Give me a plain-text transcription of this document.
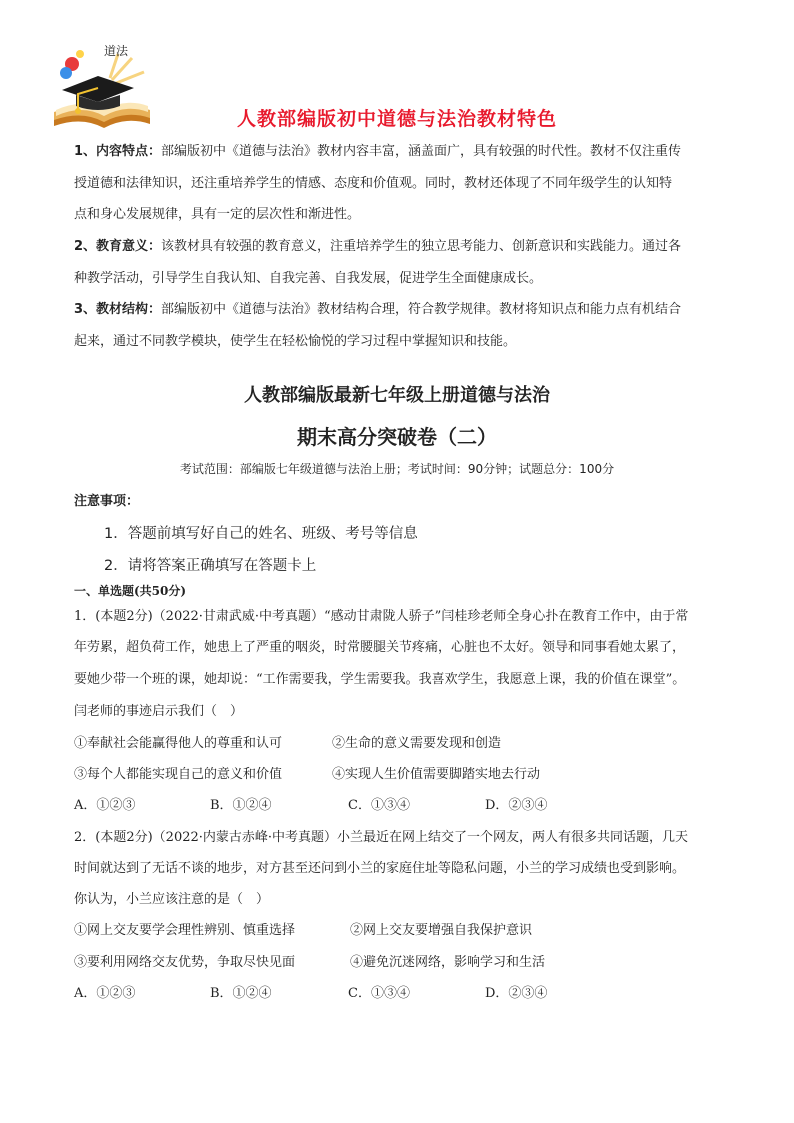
道法
人教部编版初中道德与法治教材特色
1、内容特点：部编版初中《道德与法治》教材内容丰富，涵盖面广，具有较强的时代性。教材不仅注重传
授道德和法律知识，还注重培养学生的情感、态度和价值观。同时，教材还体现了不同年级学生的认知特
点和身心发展规律，具有一定的层次性和渐进性。
2、教育意义：该教材具有较强的教育意义，注重培养学生的独立思考能力、创新意识和实践能力。通过各
种教学活动，引导学生自我认知、自我完善、自我发展，促进学生全面健康成长。
3、教材结构：部编版初中《道德与法治》教材结构合理，符合教学规律。教材将知识点和能力点有机结合
起来，通过不同教学模块，使学生在轻松愉悦的学习过程中掌握知识和技能。
人教部编版最新七年级上册道德与法治
期末高分突破卷（二）
考试范围：部编版七年级道德与法治上册；考试时间：90分钟；试题总分：100分
注意事项：
1．答题前填写好自己的姓名、班级、考号等信息
2．请将答案正确填写在答题卡上
一、单选题(共50分)
1．(本题2分)（2022·甘肃武威·中考真题）“感动甘肃陇人骄子”闫桂珍老师全身心扑在教育工作中，由于常
年劳累，超负荷工作，她患上了严重的咽炎，时常腰腿关节疼痛，心脏也不太好。领导和同事看她太累了，
要她少带一个班的课，她却说：“工作需要我，学生需要我。我喜欢学生，我愿意上课，我的价值在课堂”。
闫老师的事迹启示我们（　）
①奉献社会能赢得他人的尊重和认可	②生命的意义需要发现和创造
③每个人都能实现自己的意义和价值	④实现人生价值需要脚踏实地去行动
A．①②③	B．①②④	C．①③④	D．②③④
2．(本题2分)（2022·内蒙古赤峰·中考真题）小兰最近在网上结交了一个网友，两人有很多共同话题，几天
时间就达到了无话不谈的地步，对方甚至还问到小兰的家庭住址等隐私问题，小兰的学习成绩也受到影响。
你认为，小兰应该注意的是（　）
①网上交友要学会理性辨别、慎重选择	②网上交友要增强自我保护意识
③要利用网络交友优势，争取尽快见面	④避免沉迷网络，影响学习和生活
A．①②③	B．①②④	C．①③④	D．②③④
